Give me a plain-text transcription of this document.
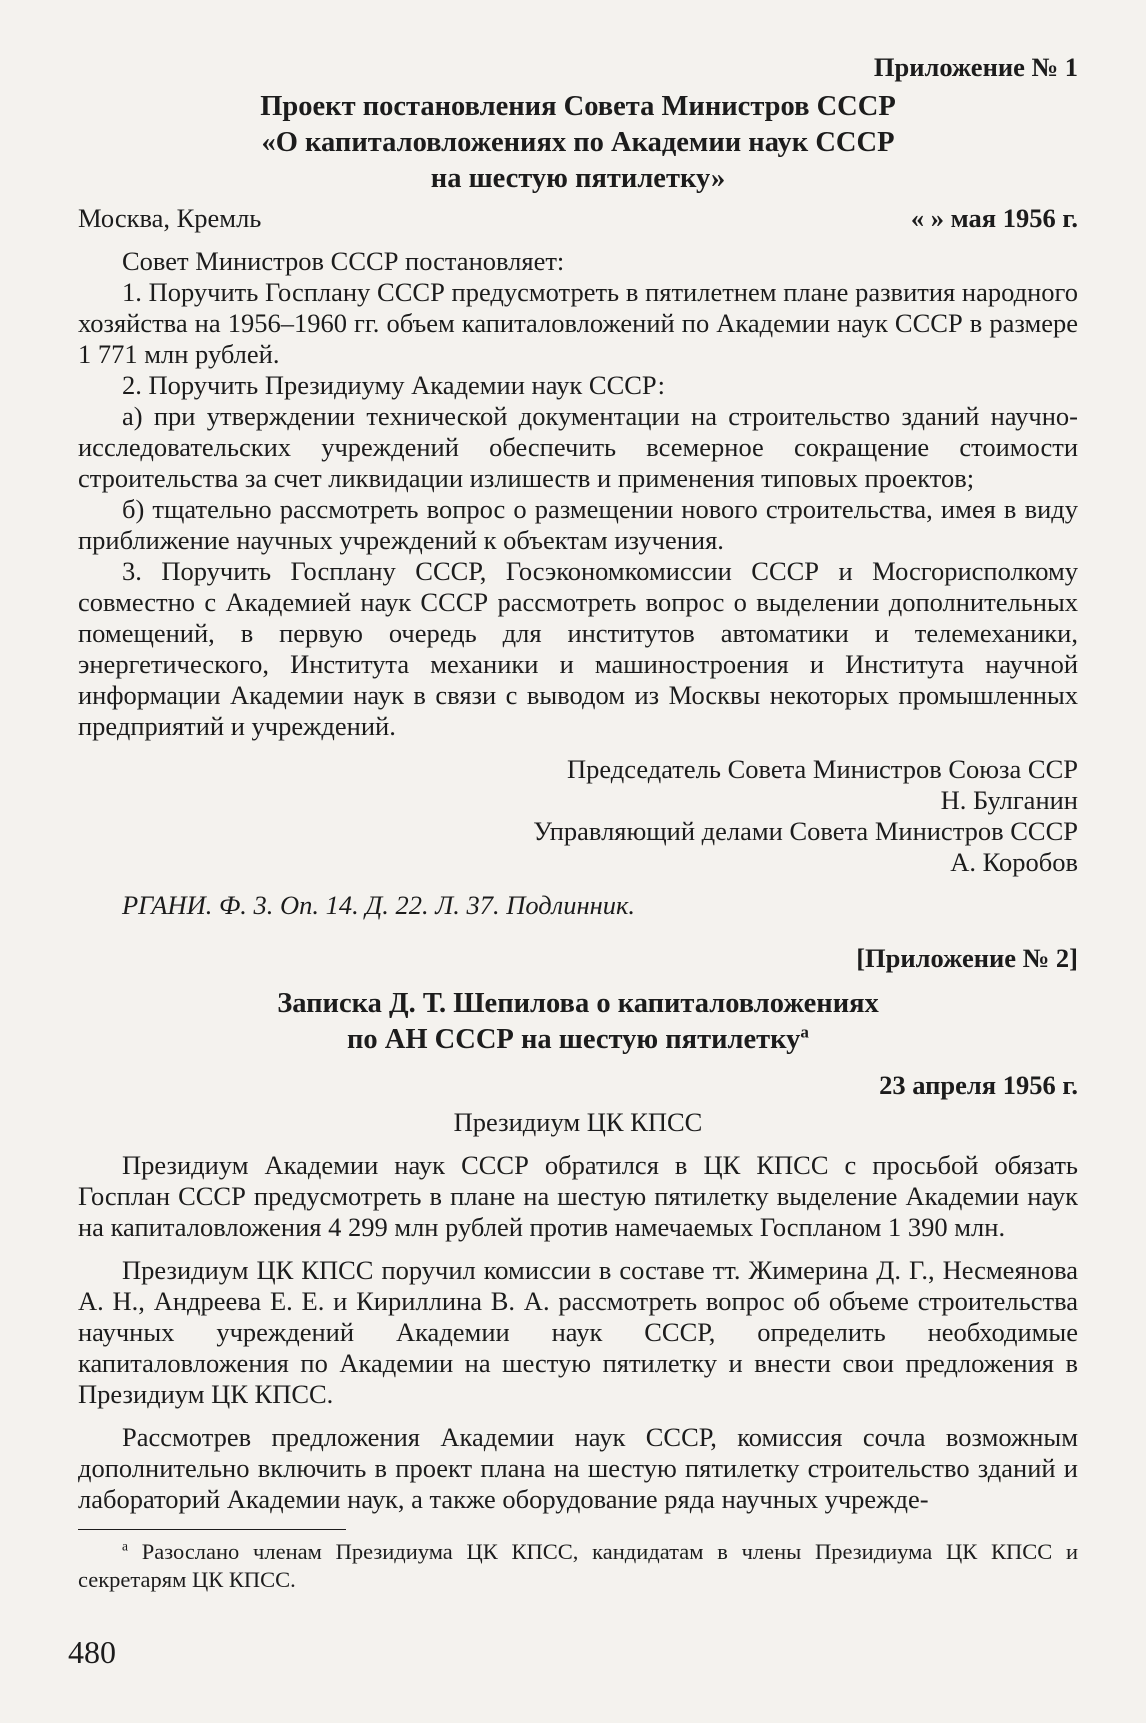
Приложение № 1

Проект постановления Совета Министров СССР

«О капиталовложениях по Академии наук СССР

на шестую пятилетку»

Москва, Кремль	« » мая 1956 г.

Совет Министров СССР постановляет:

1. Поручить Госплану СССР предусмотреть в пятилетнем плане развития народного хозяйства на 1956–1960 гг. объем капиталовложений по Академии наук СССР в размере 1 771 млн рублей.

2. Поручить Президиуму Академии наук СССР:

а) при утверждении технической документации на строительство зданий научно-исследовательских учреждений обеспечить всемерное сокращение стоимости строительства за счет ликвидации излишеств и применения типовых проектов;

б) тщательно рассмотреть вопрос о размещении нового строительства, имея в виду приближение научных учреждений к объектам изучения.

3. Поручить Госплану СССР, Госэкономкомиссии СССР и Мосгорисполкому совместно с Академией наук СССР рассмотреть вопрос о выделении дополнительных помещений, в первую очередь для институтов автоматики и телемеханики, энергетического, Института механики и машиностроения и Института научной информации Академии наук в связи с выводом из Москвы некоторых промышленных предприятий и учреждений.

Председатель Совета Министров Союза ССР

Н. Булганин

Управляющий делами Совета Министров СССР

А. Коробов

РГАНИ. Ф. 3. Оп. 14. Д. 22. Л. 37. Подлинник.

[Приложение № 2]

Записка Д. Т. Шепилова о капиталовложениях

по АН СССР на шестую пятилетку$^а$

23 апреля 1956 г.

Президиум ЦК КПСС

Президиум Академии наук СССР обратился в ЦК КПСС с просьбой обязать Госплан СССР предусмотреть в плане на шестую пятилетку выделение Академии наук на капиталовложения 4 299 млн рублей против намечаемых Госпланом 1 390 млн.

Президиум ЦК КПСС поручил комиссии в составе тт. Жимерина Д. Г., Несмеянова А. Н., Андреева Е. Е. и Кириллина В. А. рассмотреть вопрос об объеме строительства научных учреждений Академии наук СССР, определить необходимые капиталовложения по Академии на шестую пятилетку и внести свои предложения в Президиум ЦК КПСС.

Рассмотрев предложения Академии наук СССР, комиссия сочла возможным дополнительно включить в проект плана на шестую пятилетку строительство зданий и лабораторий Академии наук, а также оборудование ряда научных учрежде-

$^а$ Разослано членам Президиума ЦК КПСС, кандидатам в члены Президиума ЦК КПСС и секретарям ЦК КПСС.

480
